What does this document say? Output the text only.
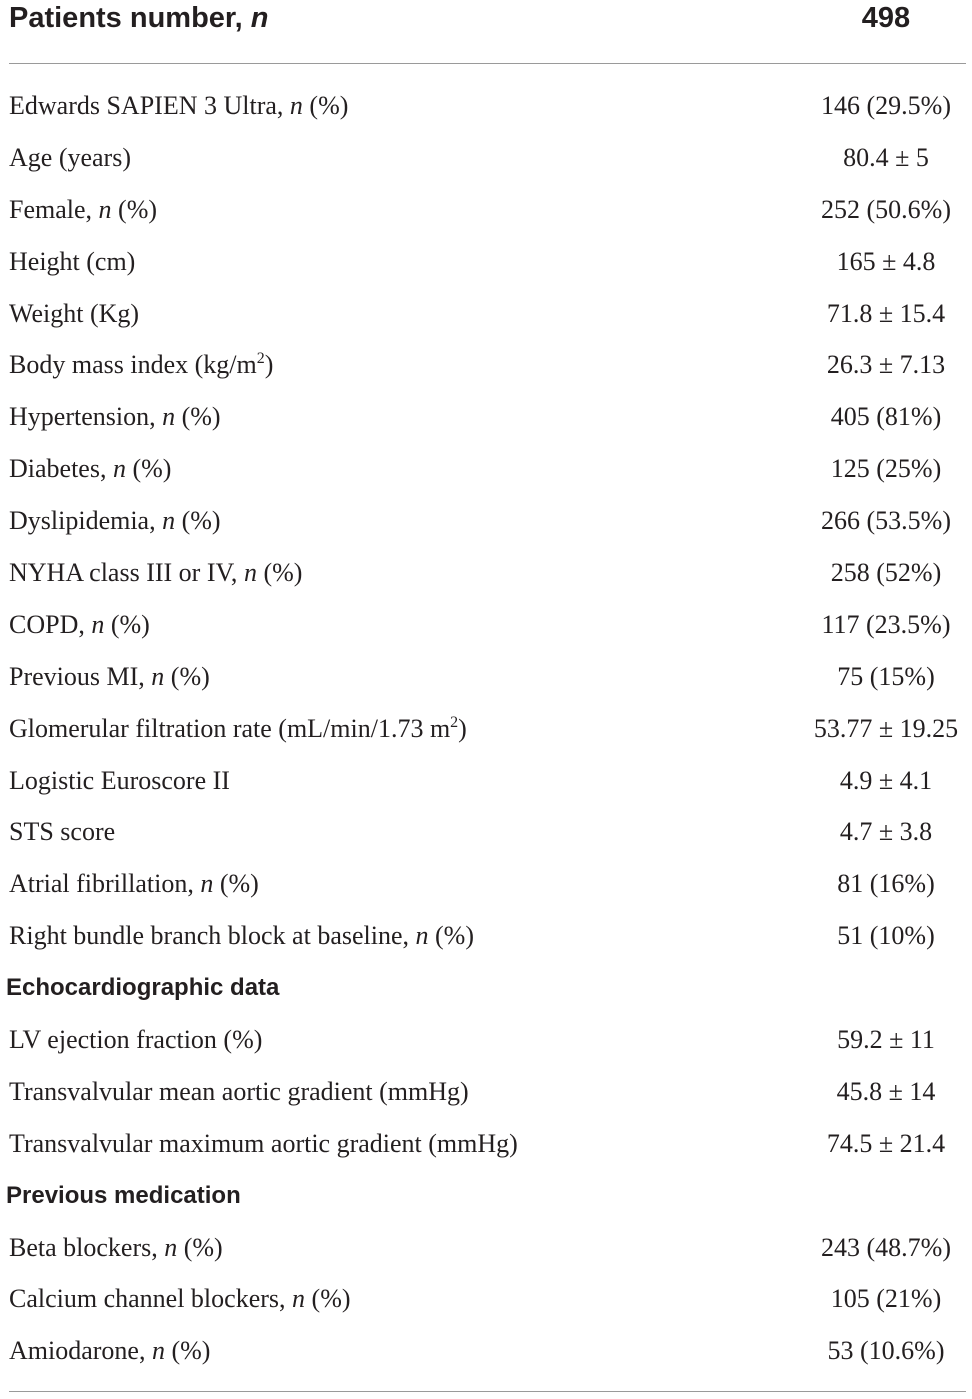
Patients number, n	498
Edwards SAPIEN 3 Ultra, n (%)	146 (29.5%)
Age (years)	80.4 ± 5
Female, n (%)	252 (50.6%)
Height (cm)	165 ± 4.8
Weight (Kg)	71.8 ± 15.4
Body mass index $(kg/m^2)$	26.3 ± 7.13
Hypertension, n (%)	405 (81%)
Diabetes, n (%)	125 (25%)
Dyslipidemia, n (%)	266 (53.5%)
NYHA class III or IV, n (%)	258 (52%)
COPD, n (%)	117 (23.5%)
Previous MI, n (%)	75 (15%)
Glomerular filtration rate (mL/min/1.73 $m^2$)	53.77 ± 19.25
Logistic Euroscore II	4.9 ± 4.1
STS score	4.7 ± 3.8
Atrial fibrillation, n (%)	81 (16%)
Right bundle branch block at baseline, n (%)	51 (10%)
Echocardiographic data
LV ejection fraction (%)	59.2 ± 11
Transvalvular mean aortic gradient (mmHg)	45.8 ± 14
Transvalvular maximum aortic gradient (mmHg)	74.5 ± 21.4
Previous medication
Beta blockers, n (%)	243 (48.7%)
Calcium channel blockers, n (%)	105 (21%)
Amiodarone, n (%)	53 (10.6%)
